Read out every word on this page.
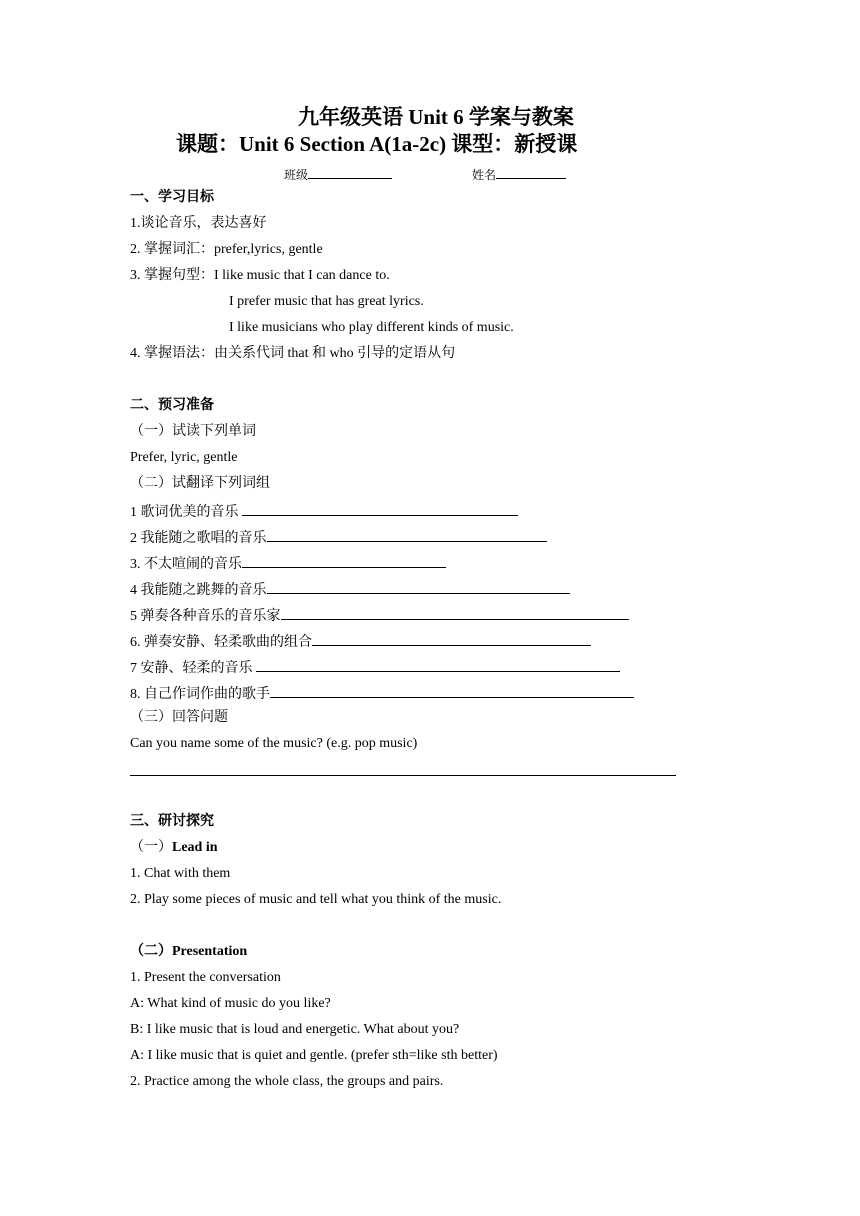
九年级英语 Unit 6 学案与教案
课题：Unit 6 Section A(1a-2c) 课型：新授课
班级	姓名
一、学习目标
1.谈论音乐，表达喜好
2. 掌握词汇：prefer,lyrics, gentle
3. 掌握句型：I like music that I can dance to.
I prefer music that has great lyrics.
I like musicians who play different kinds of music.
4. 掌握语法：由关系代词 that 和 who 引导的定语从句
二、预习准备
（一）试读下列单词
Prefer, lyric, gentle
（二）试翻译下列词组
1 歌词优美的音乐
2 我能随之歌唱的音乐
3. 不太喧闹的音乐
4 我能随之跳舞的音乐
5 弹奏各种音乐的音乐家
6. 弹奏安静、轻柔歌曲的组合
7 安静、轻柔的音乐
8. 自己作词作曲的歌手
（三）回答问题
Can you name some of the music? (e.g. pop music)
三、研讨探究
（一）Lead in
1. Chat with them
2. Play some pieces of music and tell what you think of the music.
（二）Presentation
1. Present the conversation
A: What kind of music do you like?
B: I like music that is loud and energetic. What about you?
A: I like music that is quiet and gentle. (prefer sth=like sth better)
2. Practice among the whole class, the groups and pairs.
